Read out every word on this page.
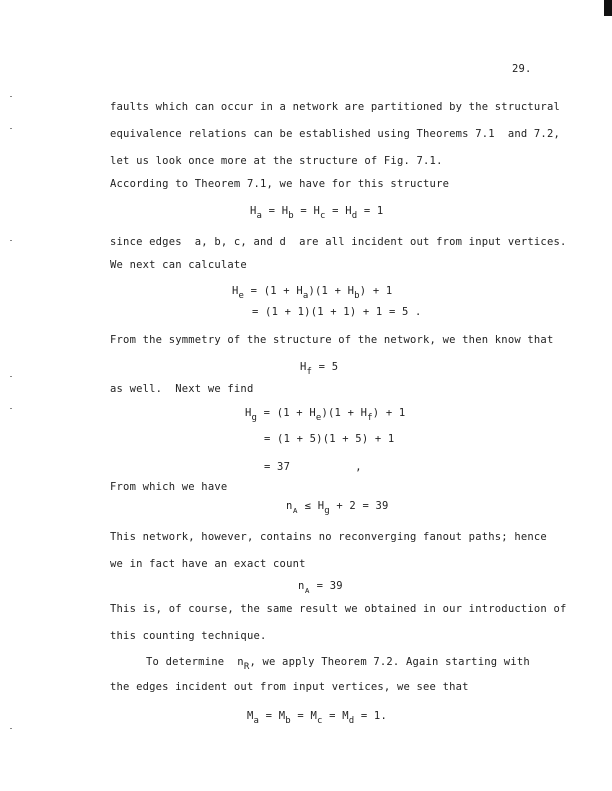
29.
faults which can occur in a network are partitioned by the structural
equivalence relations can be established using Theorems 7.1  and 7.2,
let us look once more at the structure of Fig. 7.1.
According to Theorem 7.1, we have for this structure
Ha = Hb = Hc = Hd = 1
since edges  a, b, c, and d  are all incident out from input vertices.
We next can calculate
He = (1 + Ha)(1 + Hb) + 1
= (1 + 1)(1 + 1) + 1 = 5 .
From the symmetry of the structure of the network, we then know that
Hf = 5
as well.  Next we find
Hg = (1 + He)(1 + Hf) + 1
= (1 + 5)(1 + 5) + 1
= 37          ,
From which we have
nᴀ ≤ Hg + 2 = 39
This network, however, contains no reconverging fanout paths; hence
we in fact have an exact count
nᴀ = 39
This is, of course, the same result we obtained in our introduction of
this counting technique.
To determine  nR, we apply Theorem 7.2. Again starting with
the edges incident out from input vertices, we see that
Ma = Mb = Mc = Md = 1.
